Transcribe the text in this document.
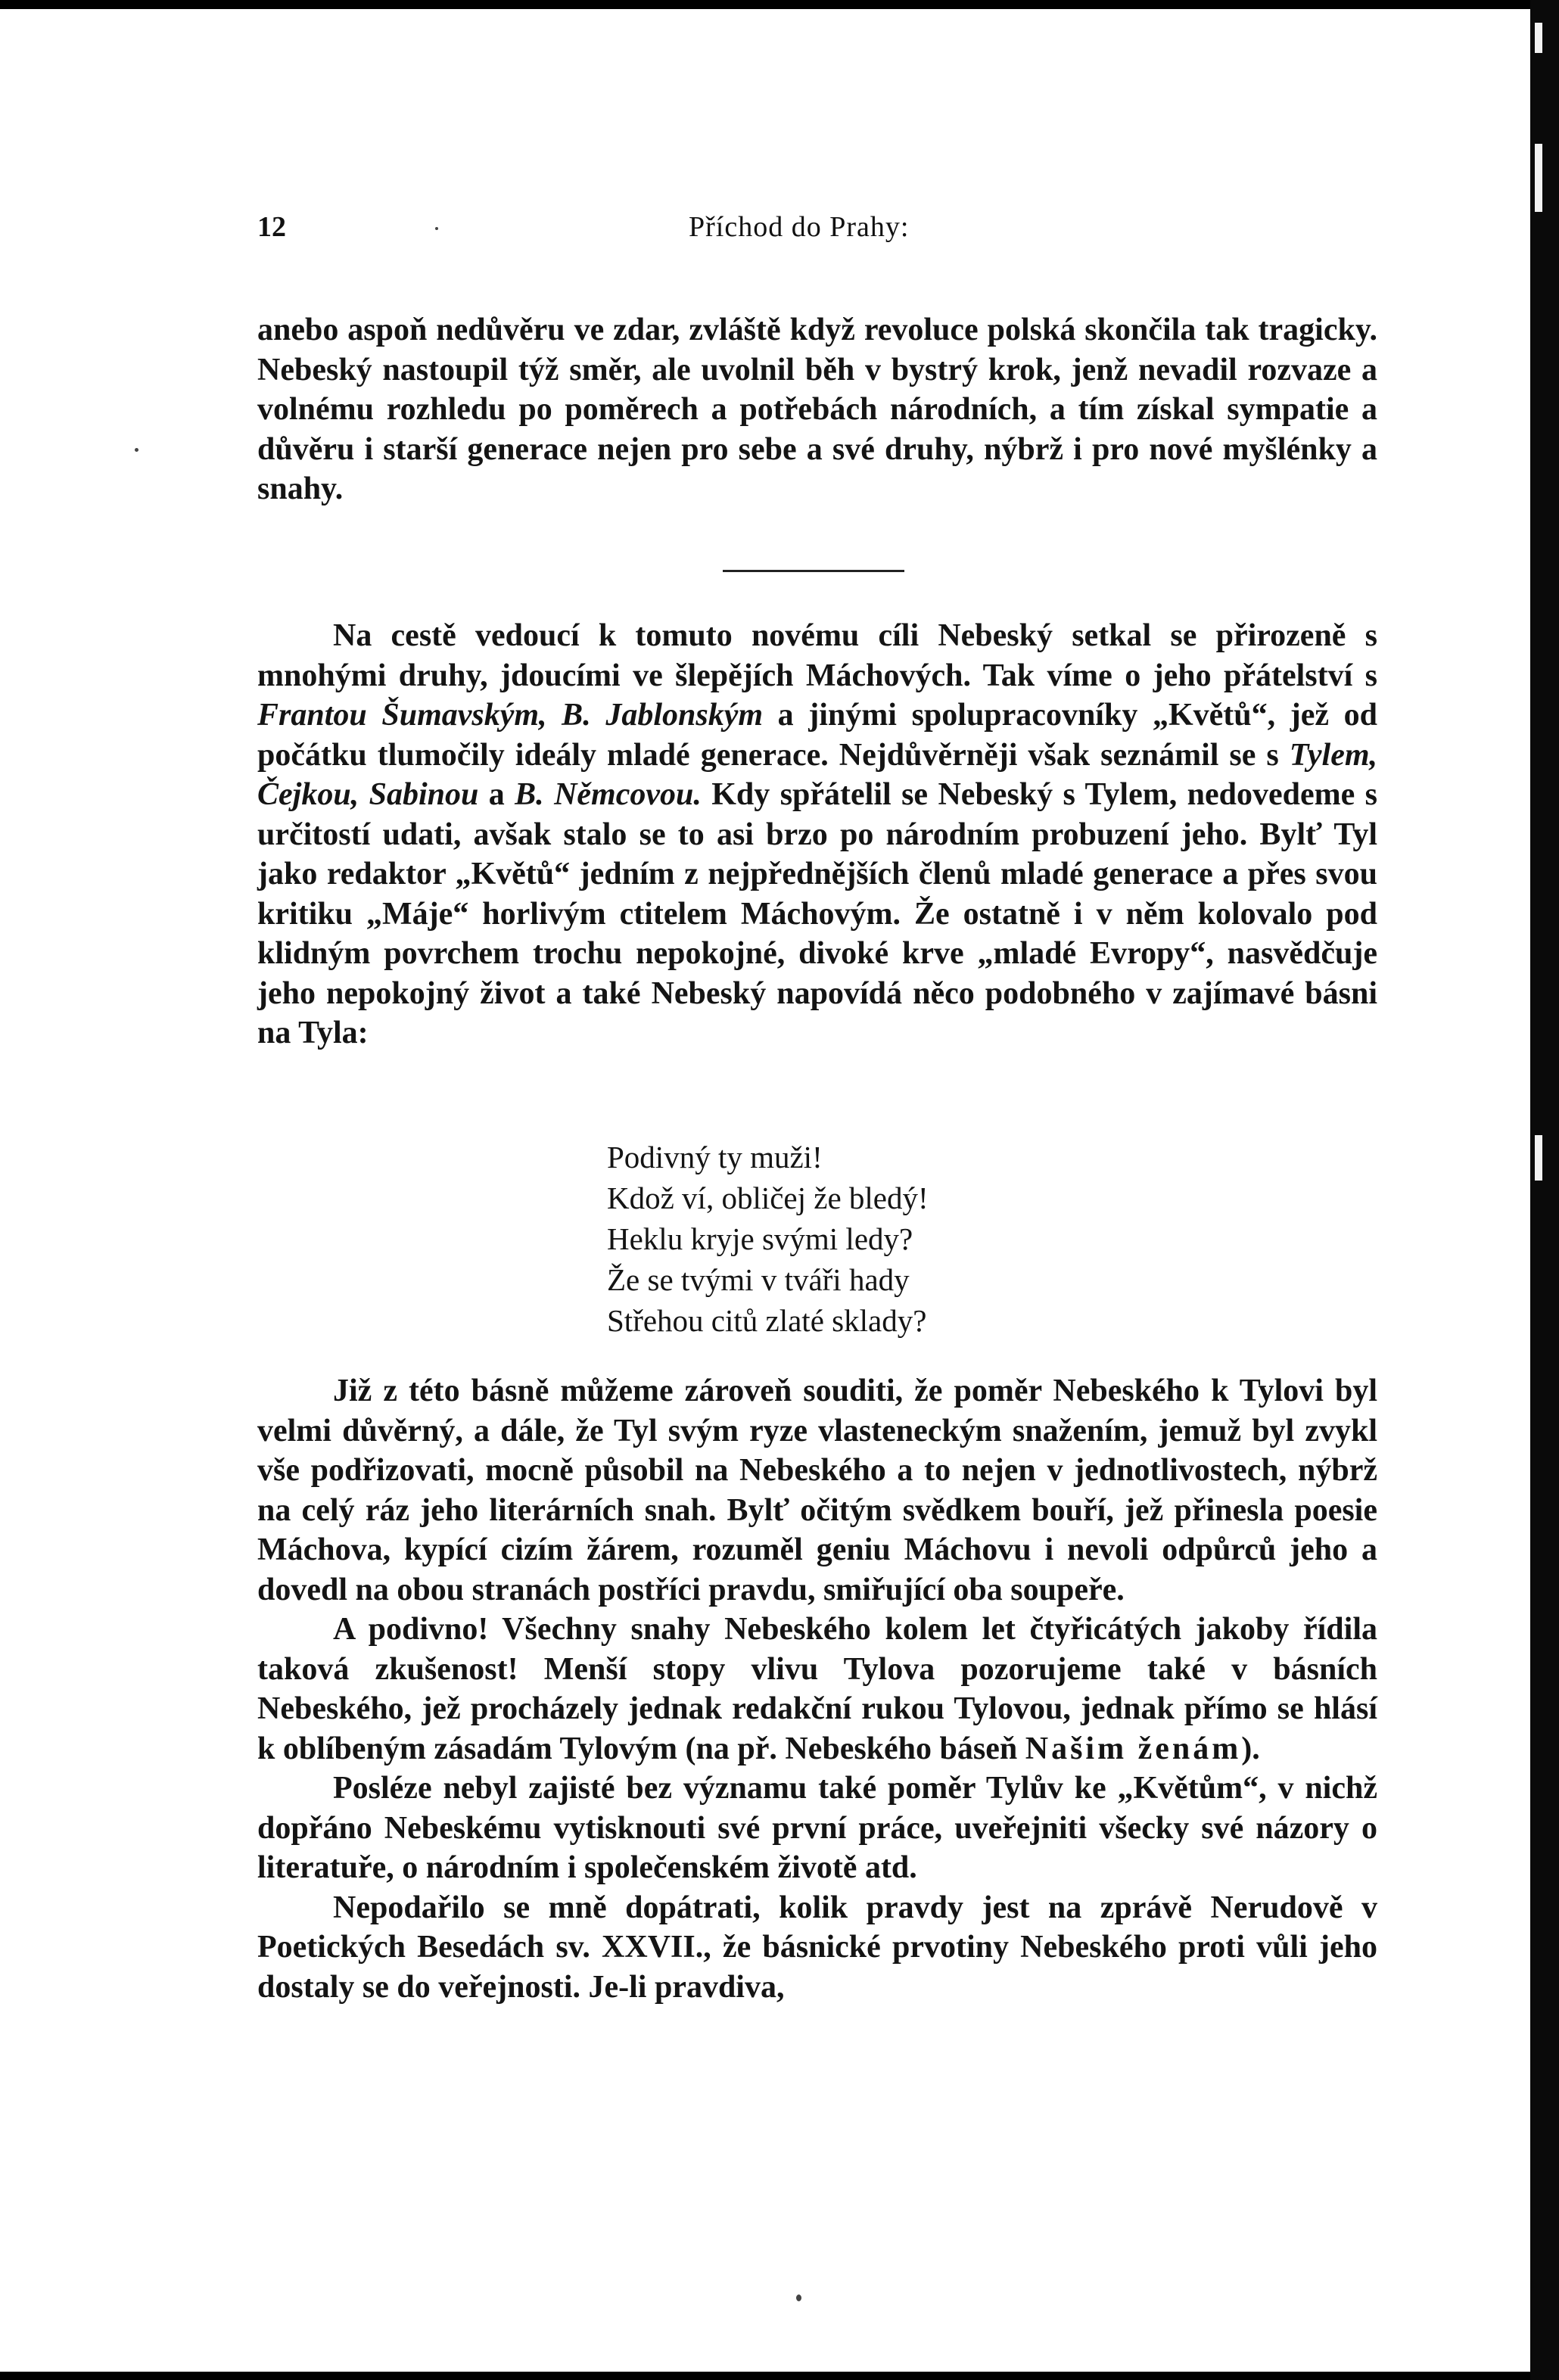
12	Příchod do Prahy:

anebo aspoň nedůvěru ve zdar, zvláště když revoluce polská skončila tak tragicky. Nebeský nastoupil týž směr, ale uvolnil běh v bystrý krok, jenž nevadil rozvaze a volnému rozhledu po poměrech a potřebách národních, a tím získal sympatie a důvěru i starší generace nejen pro sebe a své druhy, nýbrž i pro nové myšlénky a snahy.

Na cestě vedoucí k tomuto novému cíli Nebeský setkal se přirozeně s mnohými druhy, jdoucími ve šlepějích Máchových. Tak víme o jeho přátelství s Frantou Šumavským, B. Jablonským a jinými spolupracovníky „Květů“, jež od počátku tlumočily ideály mladé generace. Nejdůvěrněji však seznámil se s Tylem, Čejkou, Sabinou a B. Němcovou. Kdy spřátelil se Nebeský s Tylem, nedovedeme s určitostí udati, avšak stalo se to asi brzo po národním probuzení jeho. Bylť Tyl jako redaktor „Květů“ jedním z nejpřednějších členů mladé generace a přes svou kritiku „Máje“ horlivým ctitelem Máchovým. Že ostatně i v něm kolovalo pod klidným povrchem trochu nepokojné, divoké krve „mladé Evropy“, nasvědčuje jeho nepokojný život a také Nebeský napovídá něco podobného v zajímavé básni na Tyla:

Podivný ty muži!
Kdož ví, obličej že bledý!
Heklu kryje svými ledy?
Že se tvými v tváři hady
Střehou citů zlaté sklady?

Již z této básně můžeme zároveň souditi, že poměr Nebeského k Tylovi byl velmi důvěrný, a dále, že Tyl svým ryze vlasteneckým snažením, jemuž byl zvykl vše podřizovati, mocně působil na Nebeského a to nejen v jednotlivostech, nýbrž na celý ráz jeho literárních snah. Bylť očitým svědkem bouří, jež přinesla poesie Máchova, kypící cizím žárem, rozuměl geniu Máchovu i nevoli odpůrců jeho a dovedl na obou stranách postříci pravdu, smiřující oba soupeře.

A podivno! Všechny snahy Nebeského kolem let čtyřicátých jakoby řídila taková zkušenost! Menší stopy vlivu Tylova pozorujeme také v básních Nebeského, jež procházely jednak redakční rukou Tylovou, jednak přímo se hlásí k oblíbeným zásadám Tylovým (na př. Nebeského báseň Našim ženám).

Posléze nebyl zajisté bez významu také poměr Tylův ke „Květům“, v nichž dopřáno Nebeskému vytisknouti své první práce, uveřejniti všecky své názory o literatuře, o národním i společenském životě atd.

Nepodařilo se mně dopátrati, kolik pravdy jest na zprávě Nerudově v Poetických Besedách sv. XXVII., že básnické prvotiny Nebeského proti vůli jeho dostaly se do veřejnosti. Je-li pravdiva,
